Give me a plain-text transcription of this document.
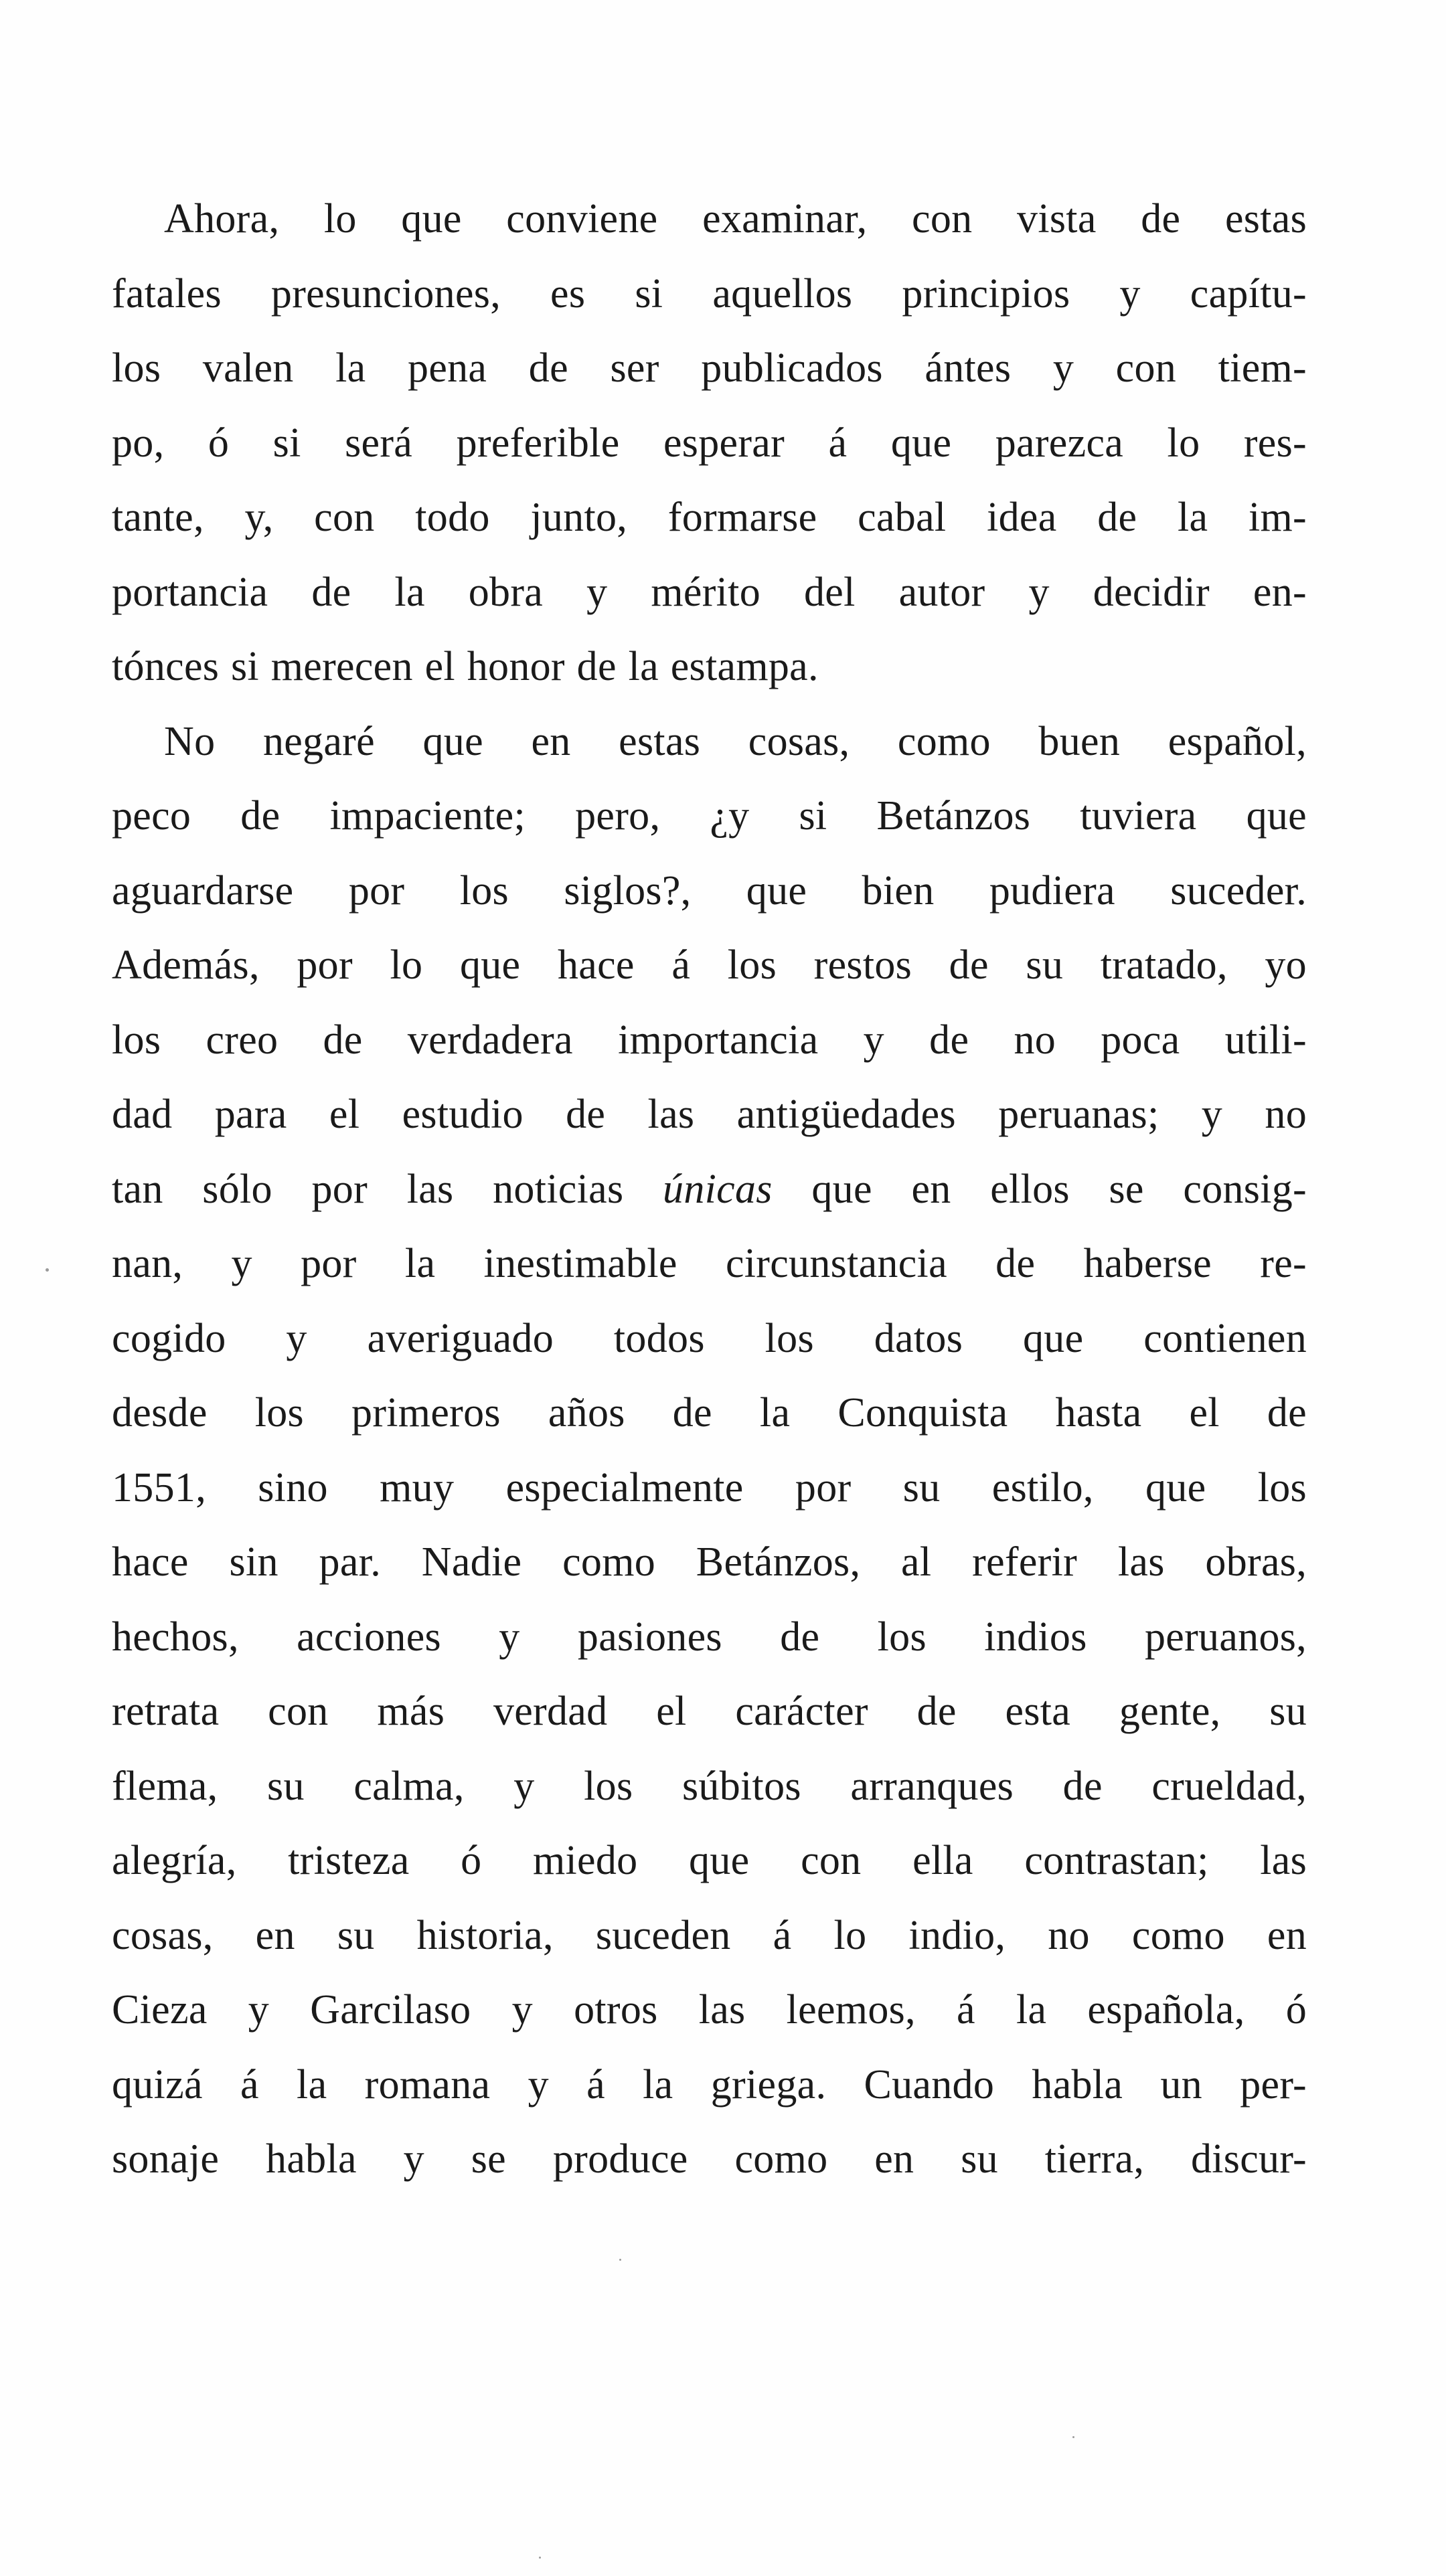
Ahora, lo que conviene examinar, con vista de estas
fatales presunciones, es si aquellos principios y capítu-
los valen la pena de ser publicados ántes y con tiem-
po, ó si será preferible esperar á que parezca lo res-
tante, y, con todo junto, formarse cabal idea de la im-
portancia de la obra y mérito del autor y decidir en-
tónces si merecen el honor de la estampa.
No negaré que en estas cosas, como buen español,
peco de impaciente; pero, ¿y si Betánzos tuviera que
aguardarse por los siglos?, que bien pudiera suceder.
Además, por lo que hace á los restos de su tratado, yo
los creo de verdadera importancia y de no poca utili-
dad para el estudio de las antigüedades peruanas; y no
tan sólo por las noticias únicas que en ellos se consig-
nan, y por la inestimable circunstancia de haberse re-
cogido y averiguado todos los datos que contienen
desde los primeros años de la Conquista hasta el de
1551, sino muy especialmente por su estilo, que los
hace sin par. Nadie como Betánzos, al referir las obras,
hechos, acciones y pasiones de los indios peruanos,
retrata con más verdad el carácter de esta gente, su
flema, su calma, y los súbitos arranques de crueldad,
alegría, tristeza ó miedo que con ella contrastan; las
cosas, en su historia, suceden á lo indio, no como en
Cieza y Garcilaso y otros las leemos, á la española, ó
quizá á la romana y á la griega. Cuando habla un per-
sonaje habla y se produce como en su tierra, discur-
